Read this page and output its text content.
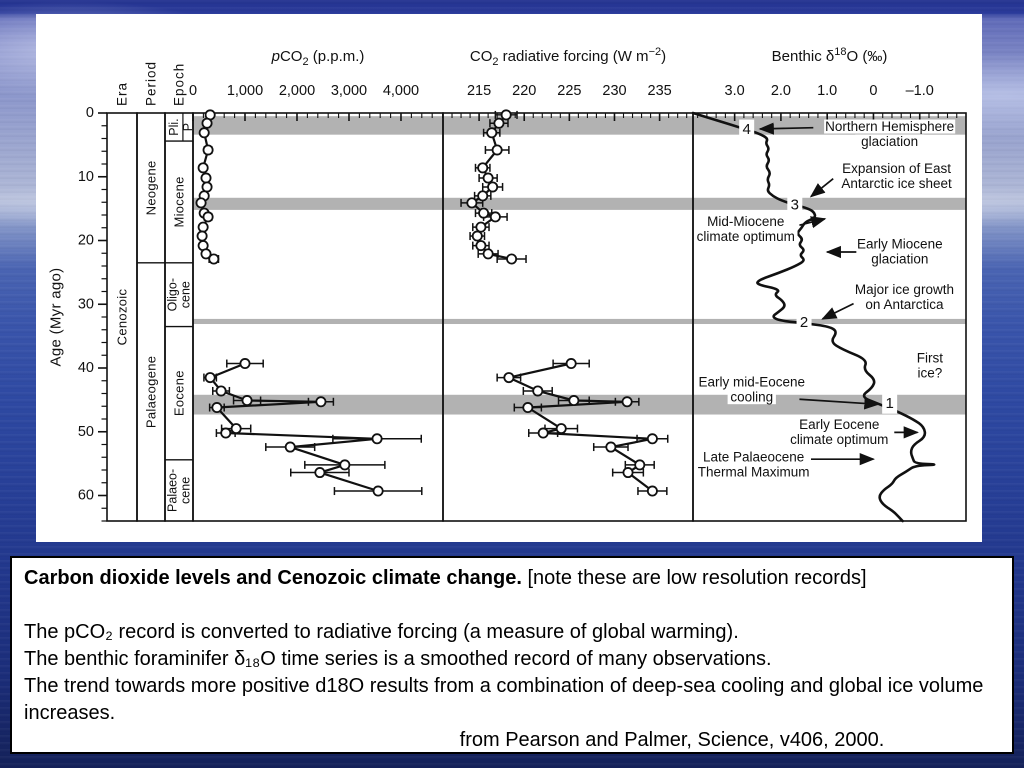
Era
Cenozoic
Period
Neogene
Palaeogene
Epoch
Pli. P
Miocene
Oligo- cene
Eocene
Palaeo- cene
Age (Myr ago)
0
10
20
30
40
50
60
pCO$_2$ (p.p.m.)
0 1,000 2,000 3,000 4,000
$CO_2$ radiative forcing (W $m^{-2}$)
215 220 225 230 235
Benthic $\delta^{18}O$ (‰)
3.0 2.0 1.0 0 –1.0
4
3
2
1
Northern Hemisphere
glaciation
Expansion of East
Antarctic ice sheet
Mid-Miocene
climate optimum	Early Miocene
glaciation
Major ice growth
on Antarctica
First
ice?
Early mid-Eocene
cooling
Early Eocene
climate optimum
Late Palaeocene
Thermal Maximum

Carbon dioxide levels and Cenozoic climate change. [note these are low resolution records]

The pCO₂ record is converted to radiative forcing (a measure of global warming).

The benthic foraminifer δ₁₈O time series is a smoothed record of many observations.

The trend towards more positive d18O results from a combination of deep-sea cooling and global ice volume increases.

from Pearson and Palmer, Science, v406, 2000.
